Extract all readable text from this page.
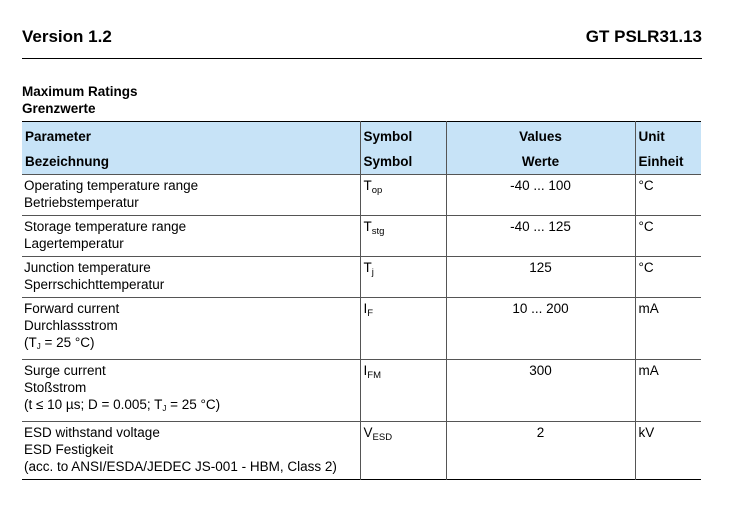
Version 1.2	GT PSLR31.13
Maximum Ratings
Grenzwerte
Parameter	Symbol	Values	Unit
Bezeichnung	Symbol	Werte	Einheit

Operating temperature range
Betriebstemperatur	$T_{op}$	-40 ... 100	°C

Storage temperature range
Lagertemperatur	$T_{stg}$	-40 ... 125	°C

Junction temperature
Sperrschichttemperatur	$T_j$	125	°C

Forward current
Durchlassstrom
(TJ = 25 °C)	$I_F$	10 ... 200	mA

Surge current
Stoßstrom
(t ≤ 10 µs; D = 0.005; TJ = 25 °C)	$I_{FM}$	300	mA

ESD withstand voltage
ESD Festigkeit
(acc. to ANSI/ESDA/JEDEC JS-001 - HBM, Class 2)	$V_{ESD}$	2	kV
